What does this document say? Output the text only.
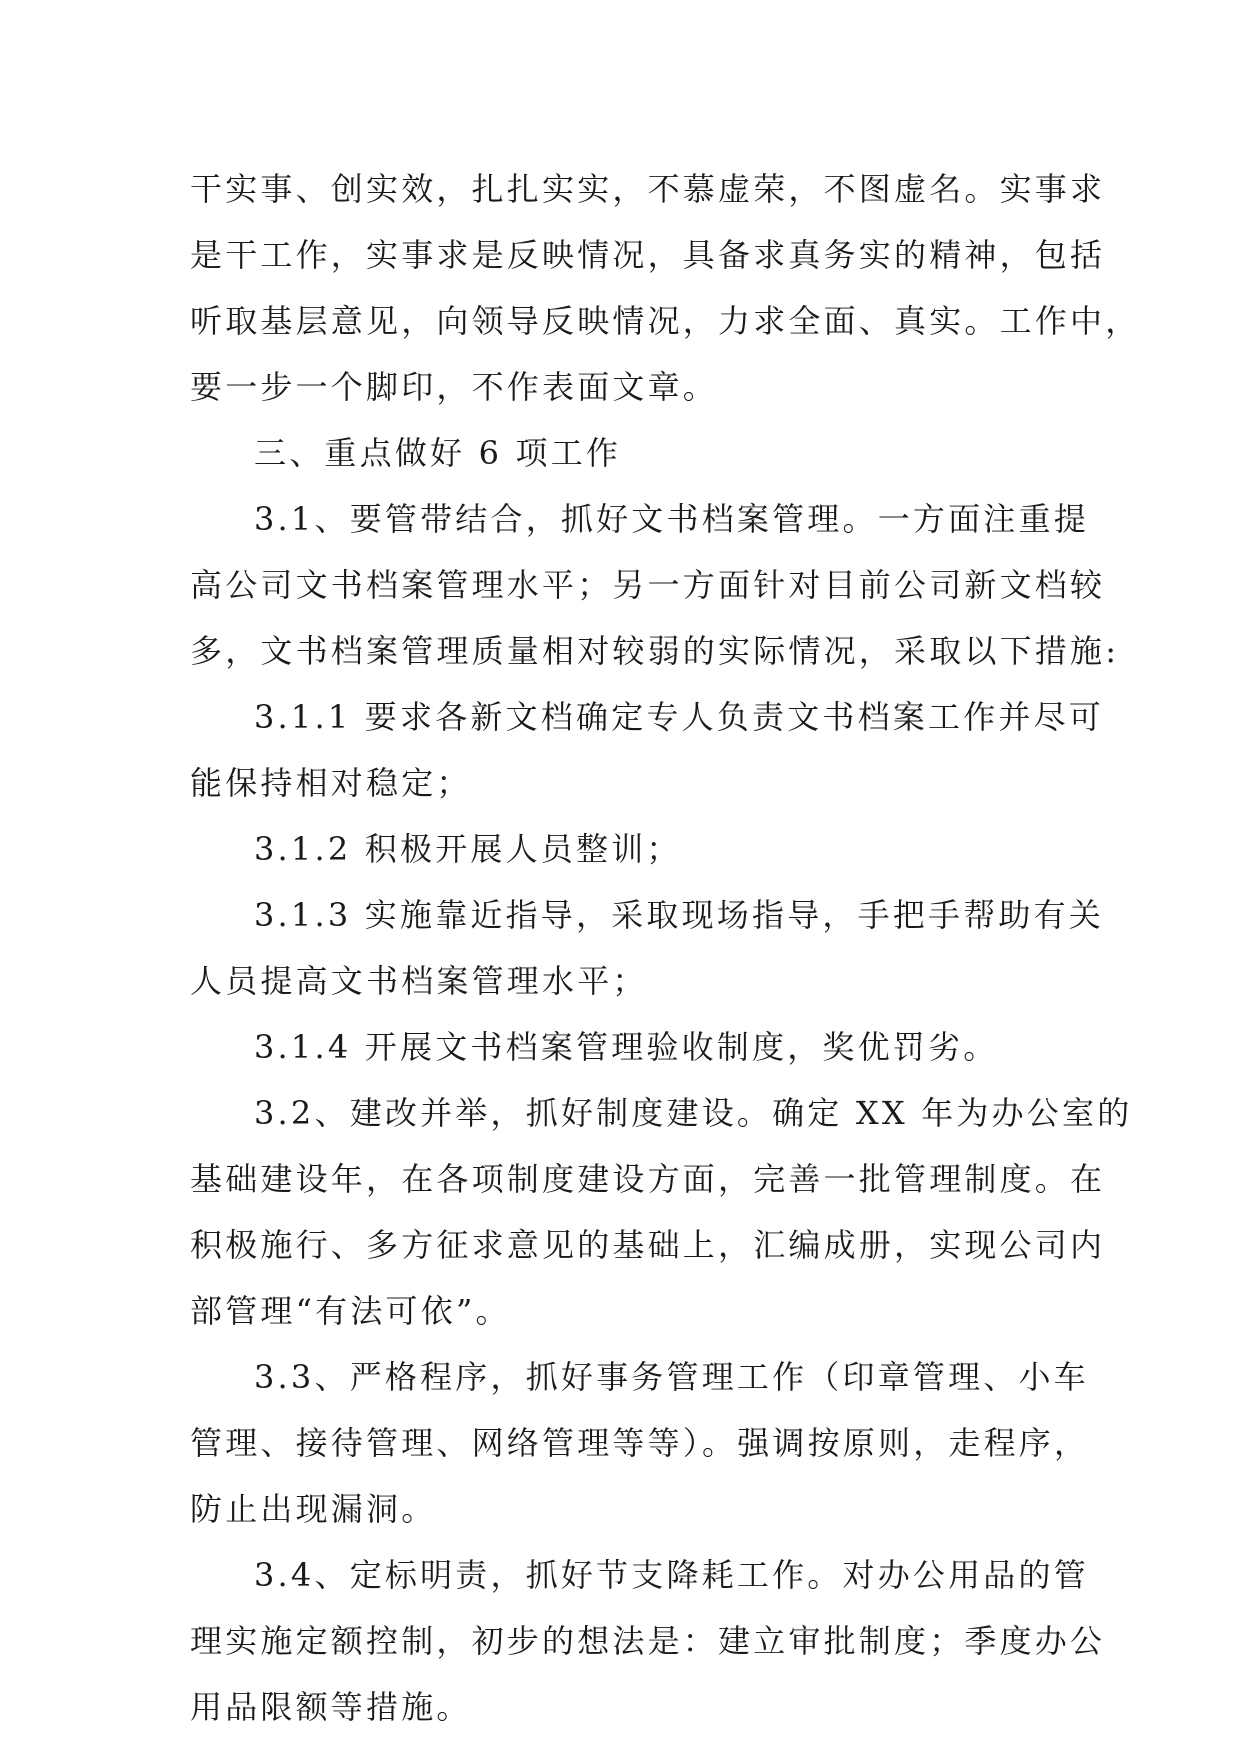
干实事、创实效，扎扎实实，不慕虚荣，不图虚名。实事求
是干工作，实事求是反映情况，具备求真务实的精神，包括
听取基层意见，向领导反映情况，力求全面、真实。工作中，
要一步一个脚印，不作表面文章。
三、重点做好 6 项工作
3.1、要管带结合，抓好文书档案管理。一方面注重提
高公司文书档案管理水平；另一方面针对目前公司新文档较
多，文书档案管理质量相对较弱的实际情况，采取以下措施:
3.1.1 要求各新文档确定专人负责文书档案工作并尽可
能保持相对稳定；
3.1.2 积极开展人员整训；
3.1.3 实施靠近指导，采取现场指导，手把手帮助有关
人员提高文书档案管理水平；
3.1.4 开展文书档案管理验收制度，奖优罚劣。
3.2、建改并举，抓好制度建设。确定 XX 年为办公室的
基础建设年，在各项制度建设方面，完善一批管理制度。在
积极施行、多方征求意见的基础上，汇编成册，实现公司内
部管理“有法可依”。
3.3、严格程序，抓好事务管理工作（印章管理、小车
管理、接待管理、网络管理等等）。强调按原则，走程序，
防止出现漏洞。
3.4、定标明责，抓好节支降耗工作。对办公用品的管
理实施定额控制，初步的想法是：建立审批制度；季度办公
用品限额等措施。
